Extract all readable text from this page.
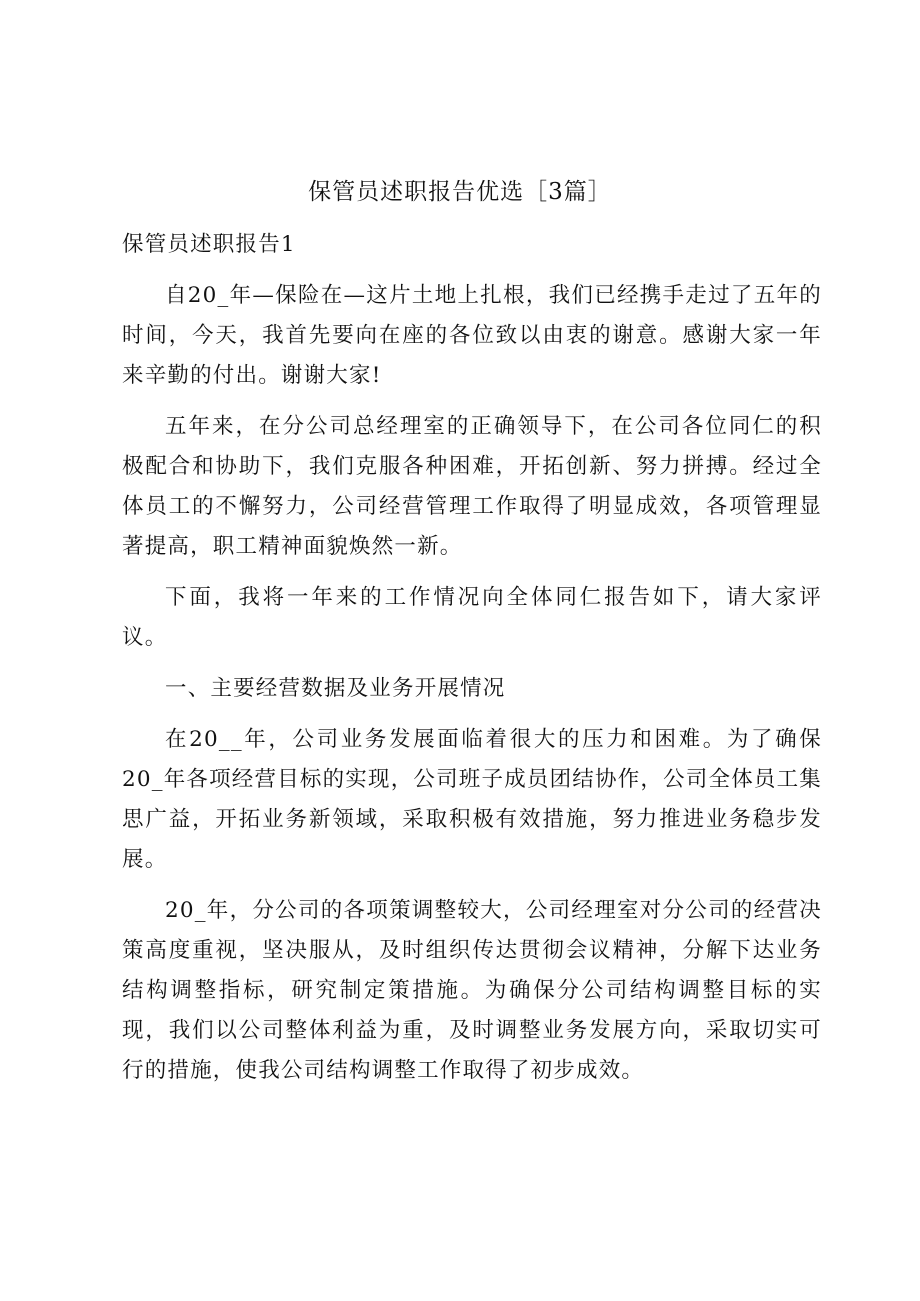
保管员述职报告优选［3篇］

保管员述职报告1

自20_年—保险在—这片土地上扎根，我们已经携手走过了五年的时间，今天，我首先要向在座的各位致以由衷的谢意。感谢大家一年来辛勤的付出。谢谢大家!

五年来，在分公司总经理室的正确领导下，在公司各位同仁的积极配合和协助下，我们克服各种困难，开拓创新、努力拼搏。经过全体员工的不懈努力，公司经营管理工作取得了明显成效，各项管理显著提高，职工精神面貌焕然一新。

下面，我将一年来的工作情况向全体同仁报告如下，请大家评议。

一、主要经营数据及业务开展情况

在20__年，公司业务发展面临着很大的压力和困难。为了确保20_年各项经营目标的实现，公司班子成员团结协作，公司全体员工集思广益，开拓业务新领域，采取积极有效措施，努力推进业务稳步发展。

20_年，分公司的各项策调整较大，公司经理室对分公司的经营决策高度重视，坚决服从，及时组织传达贯彻会议精神，分解下达业务结构调整指标，研究制定策措施。为确保分公司结构调整目标的实现，我们以公司整体利益为重，及时调整业务发展方向，采取切实可行的措施，使我公司结构调整工作取得了初步成效。
